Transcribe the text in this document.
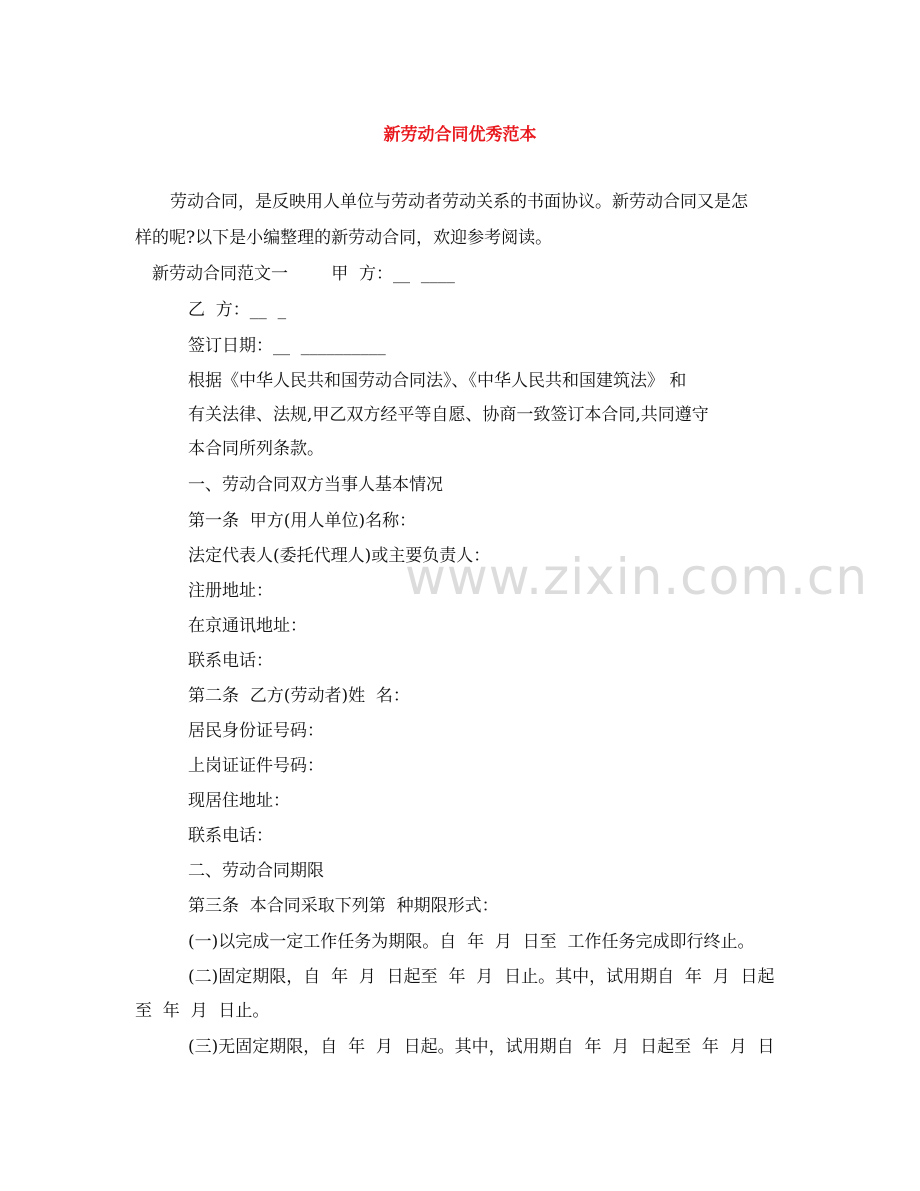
新劳动合同优秀范本
劳动合同，是反映用人单位与劳动者劳动关系的书面协议。新劳动合同又是怎
样的呢?以下是小编整理的新劳动合同，欢迎参考阅读。
新劳动合同范文一        甲  方：__  ____
乙  方：__  _
签订日期：__  __________
根据《中华人民共和国劳动合同法》、《中华人民共和国建筑法》 和
有关法律、法规,甲乙双方经平等自愿、协商一致签订本合同,共同遵守
本合同所列条款。
一、劳动合同双方当事人基本情况
第一条  甲方(用人单位)名称：
法定代表人(委托代理人)或主要负责人：
注册地址：
在京通讯地址：
联系电话：
第二条  乙方(劳动者)姓  名：
居民身份证号码：
上岗证证件号码：
现居住地址：
联系电话：
二、劳动合同期限
第三条  本合同采取下列第  种期限形式：
(一)以完成一定工作任务为期限。自  年  月  日至  工作任务完成即行终止。
(二)固定期限，自  年  月  日起至  年  月  日止。其中，试用期自  年  月  日起
至  年  月  日止。
(三)无固定期限，自  年  月  日起。其中，试用期自  年  月  日起至  年  月  日
www.zixin.com.cn
